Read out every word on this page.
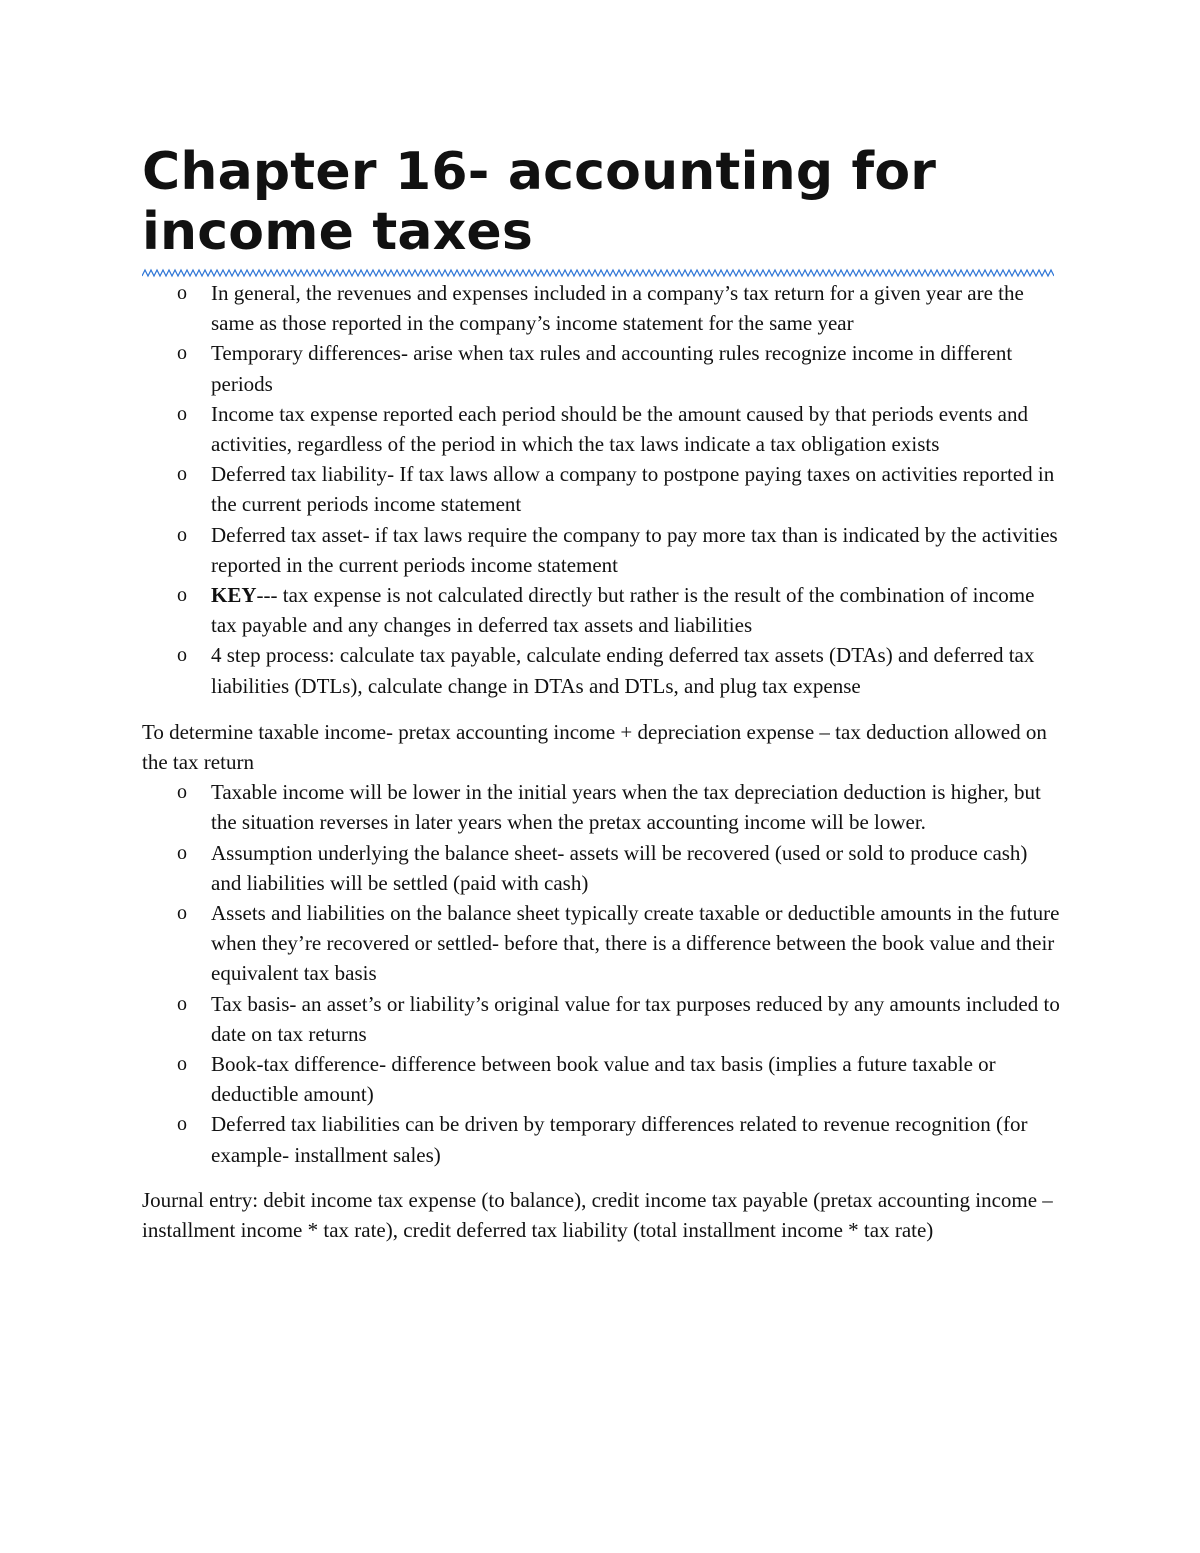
Chapter 16- accounting for income taxes
o In general, the revenues and expenses included in a company’s tax return for a given year are the same as those reported in the company’s income statement for the same year
o Temporary differences- arise when tax rules and accounting rules recognize income in different periods
o Income tax expense reported each period should be the amount caused by that periods events and activities, regardless of the period in which the tax laws indicate a tax obligation exists
o Deferred tax liability- If tax laws allow a company to postpone paying taxes on activities reported in the current periods income statement
o Deferred tax asset- if tax laws require the company to pay more tax than is indicated by the activities reported in the current periods income statement
o KEY--- tax expense is not calculated directly but rather is the result of the combination of income tax payable and any changes in deferred tax assets and liabilities
o 4 step process: calculate tax payable, calculate ending deferred tax assets (DTAs) and deferred tax liabilities (DTLs), calculate change in DTAs and DTLs, and plug tax expense

To determine taxable income- pretax accounting income + depreciation expense – tax deduction allowed on the tax return

o Taxable income will be lower in the initial years when the tax depreciation deduction is higher, but the situation reverses in later years when the pretax accounting income will be lower.
o Assumption underlying the balance sheet- assets will be recovered (used or sold to produce cash) and liabilities will be settled (paid with cash)
o Assets and liabilities on the balance sheet typically create taxable or deductible amounts in the future when they’re recovered or settled- before that, there is a difference between the book value and their equivalent tax basis
o Tax basis- an asset’s or liability’s original value for tax purposes reduced by any amounts included to date on tax returns
o Book-tax difference- difference between book value and tax basis (implies a future taxable or deductible amount)
o Deferred tax liabilities can be driven by temporary differences related to revenue recognition (for example- installment sales)

Journal entry: debit income tax expense (to balance), credit income tax payable (pretax accounting income – installment income * tax rate), credit deferred tax liability (total installment income * tax rate)
